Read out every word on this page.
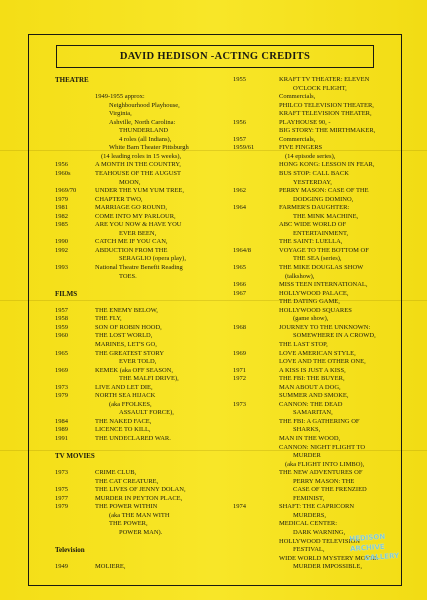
DAVID HEDISON -ACTING CREDITS
THEATRE
1949-1955 approx:
Neighbourhood Playhouse,
Virginia,
Ashville, North Carolina:
THUNDERLAND
4 roles (all Indians),
White Barn Theater Pittsburgh
(14 leading roles in 15 weeks),
1956	A MONTH IN THE COUNTRY,
1960s	TEAHOUSE OF THE AUGUST
MOON,
1969/70	UNDER THE YUM YUM TREE,
1979	CHAPTER TWO,
1981	MARRIAGE GO ROUND,
1982	COME INTO MY PARLOUR,
1985	ARE YOU NOW & HAVE YOU
EVER BEEN,
1990	CATCH ME IF YOU CAN,
1992	ABDUCTION FROM THE
SERAGLIO (opera play),
1993	National Theatre Benefit Reading
TOES.
FILMS
1957	THE ENEMY BELOW,
1958	THE FLY,
1959	SON OF ROBIN HOOD,
1960	THE LOST WORLD,
MARINES, LET'S GO,
1965	THE GREATEST STORY
EVER TOLD,
1969	KEMEK (aka OFF SEASON,
THE MALFI DRIVE),
1973	LIVE AND LET DIE,
1979	NORTH SEA HIJACK
(aka FFOLKES,
ASSAULT FORCE),
1984	THE NAKED FACE,
1989	LICENCE TO KILL,
1991	THE UNDECLARED WAR.
TV MOVIES
1973	CRIME CLUB,
THE CAT CREATURE,
1975	THE LIVES OF JENNY DOLAN,
1977	MURDER IN PEYTON PLACE,
1979	THE POWER WITHIN
(aka THE MAN WITH
THE POWER,
POWER MAN).
Television
1949	MOLIERE,
1955	KRAFT TV THEATER: ELEVEN
O'CLOCK FLIGHT,
Commercials,
PHILCO TELEVISION THEATER,
KRAFT TELEVISION THEATER,
1956	PLAYHOUSE 90, -
BIG STORY: THE MIRTHMAKER,
1957	Commercials,
1959/61	FIVE FINGERS
(14 episode series),
HONG KONG: LESSON IN FEAR,
BUS STOP: CALL BACK
YESTERDAY,
1962	PERRY MASON: CASE OF THE
DODGING DOMINO,
1964	FARMER'S DAUGHTER:
THE MINK MACHINE,
ABC WIDE WORLD OF
ENTERTAINMENT,
THE SAINT: LUELLA,
1964/8	VOYAGE TO THE BOTTOM OF
THE SEA (series),
1965	THE MIKE DOUGLAS SHOW
(talkshow),
1966	MISS TEEN INTERNATIONAL,
1967	HOLLYWOOD PALACE,
THE DATING GAME,
HOLLYWOOD SQUARES
(game show),
1968	JOURNEY TO THE UNKNOWN:
SOMEWHERE IN A CROWD,
THE LAST STOP,
1969	LOVE AMERICAN STYLE,
LOVE AND THE OTHER ONE,
1971	A KISS IS JUST A KISS,
1972	THE FBI: THE BUYER,
MAN ABOUT A DOG,
SUMMER AND SMOKE,
1973	CANNON: THE DEAD
SAMARITAN,
THE FBI: A GATHERING OF
SHARKS,
MAN IN THE WOOD,
CANNON: NIGHT FLIGHT TO
MURDER
(aka FLIGHT INTO LIMBO),
THE NEW ADVENTURES OF
PERRY MASON: THE
CASE OF THE FRENZIED
FEMINIST,
1974	SHAFT: THE CAPRICORN
MURDERS,
MEDICAL CENTER:
DARK WARNING,
HOLLYWOOD TELEVISION
FESTIVAL,
WIDE WORLD MYSTERY MOVIE:
MURDER IMPOSSIBLE,
HEDISON ARCHIVE
GALLERY
